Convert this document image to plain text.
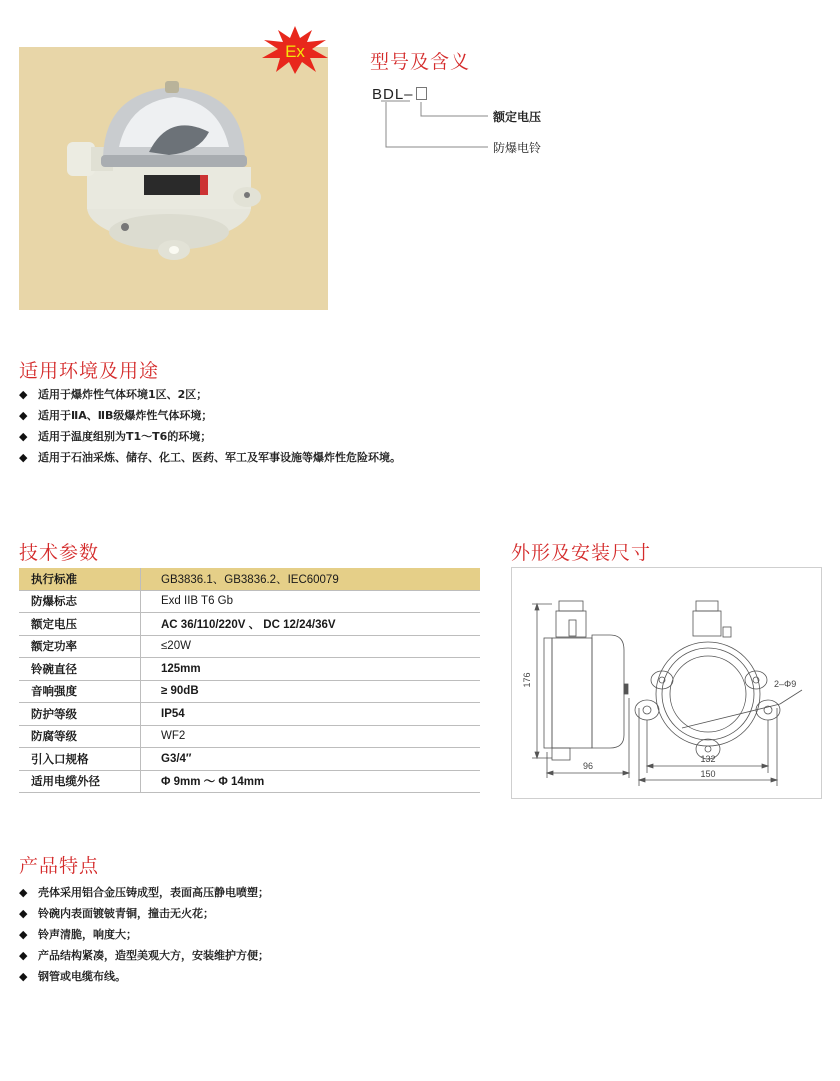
Ex	型号及含义
BDL–
额定电压
防爆电铃
适用环境及用途
◆ 适用于爆炸性气体环境1区、2区；
◆ 适用于ⅡA、ⅡB级爆炸性气体环境；
◆ 适用于温度组别为T1～T6的环境；
◆ 适用于石油采炼、储存、化工、医药、军工及军事设施等爆炸性危险环境。
技术参数
执行标准	GB3836.1、GB3836.2、IEC60079
防爆标志	Exd IIB T6 Gb
额定电压	AC 36/110/220V 、 DC 12/24/36V
额定功率	≤20W
铃碗直径	125mm
音响强度	≥ 90dB
防护等级	IP54
防腐等级	WF2
引入口规格	G3/4″
适用电缆外径	Φ 9mm ～ Φ 14mm
外形及安装尺寸
176
96
2–Φ9
132
150
产品特点
◆ 壳体采用铝合金压铸成型，表面高压静电喷塑；
◆ 铃碗内表面镀铍青铜，撞击无火花；
◆ 铃声清脆，响度大；
◆ 产品结构紧凑，造型美观大方，安装维护方便；
◆ 钢管或电缆布线。
